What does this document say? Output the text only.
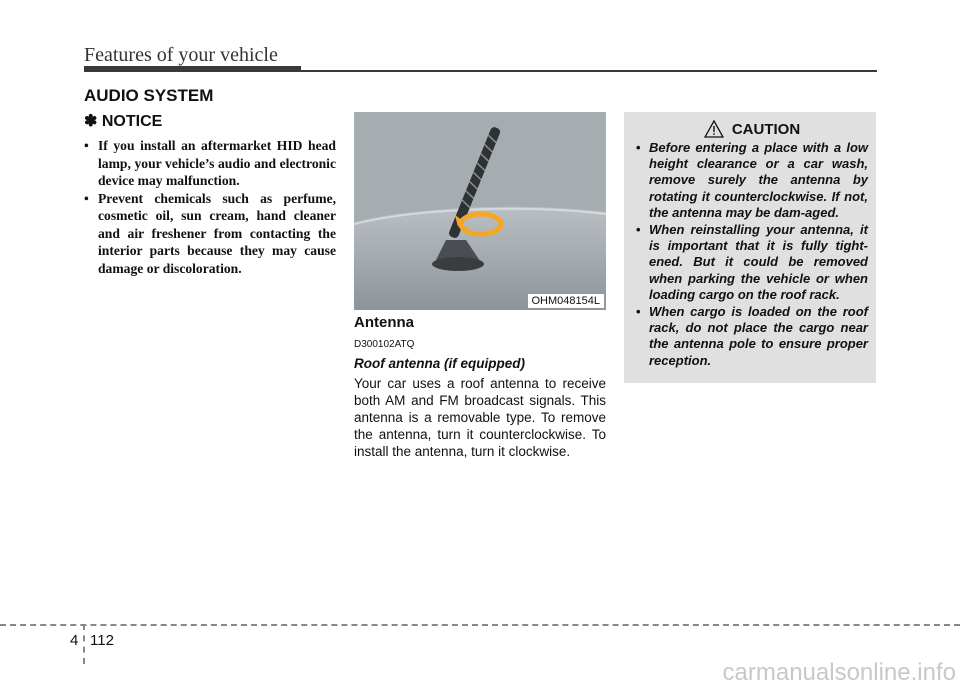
Features of your vehicle
AUDIO SYSTEM
✽ NOTICE
• If you install an aftermarket HID head lamp, your vehicle’s audio and electronic device may malfunction.
• Prevent chemicals such as perfume, cosmetic oil, sun cream, hand cleaner and air freshener from contacting the interior parts because they may cause damage or discoloration.
OHM048154L
Antenna
D300102ATQ
Roof antenna (if equipped)

Your car uses a roof antenna to receive both AM and FM broadcast signals. This antenna is a removable type. To remove the antenna, turn it counterclockwise. To install the antenna, turn it clockwise.

CAUTION
• Before entering a place with a low height clearance or a car wash, remove surely the antenna by rotating it counterclockwise. If not, the antenna may be dam-aged.
• When reinstalling your antenna, it is important that it is fully tight-ened. But it could be removed when parking the vehicle or when loading cargo on the roof rack.
• When cargo is loaded on the roof rack, do not place the cargo near the antenna pole to ensure proper reception.
4 112
carmanualsonline.info
